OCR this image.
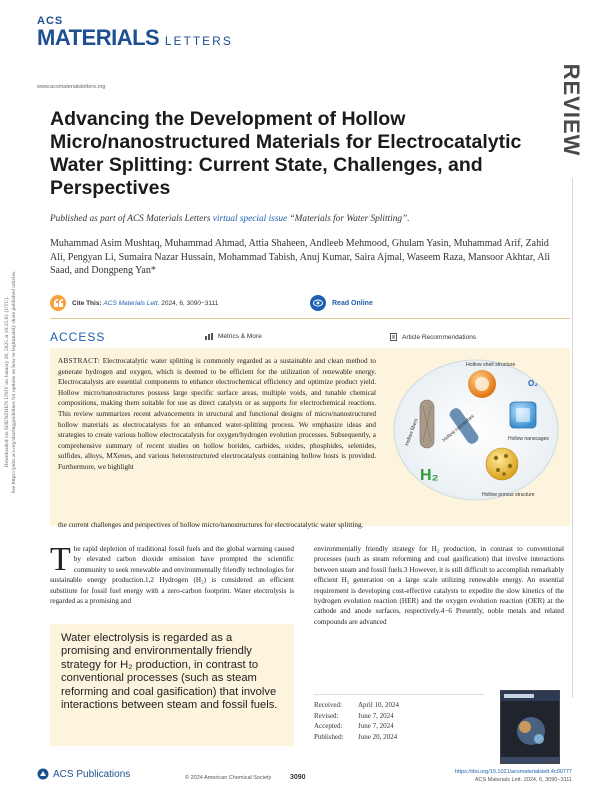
ACS
MATERIALS LETTERS
www.acsmaterialsletters.org	REVIEW
Downloaded via SHENZHEN UNIV on January 26, 2025 at 10:25:01 (UTC). See https://pubs.acs.org/sharingguidelines for options on how to legitimately share published articles.
Advancing the Development of Hollow Micro/nanostructured Materials for Electrocatalytic Water Splitting: Current State, Challenges, and Perspectives
Published as part of ACS Materials Letters virtual special issue “Materials for Water Splitting”.
Muhammad Asim Mushtaq, Muhammad Ahmad, Attia Shaheen, Andleeb Mehmood, Ghulam Yasin, Muhammad Arif, Zahid Ali, Pengyan Li, Sumaira Nazar Hussain, Mohammad Tabish, Anuj Kumar, Saira Ajmal, Waseem Raza, Mansoor Akhtar, Ali Saad, and Dongpeng Yan*
Cite This: ACS Materials Lett. 2024, 6, 3090−3111	Read Online
ACCESS	Metrics & More	Article Recommendations
ABSTRACT: Electrocatalytic water splitting is commonly regarded as a sustainable and clean method to generate hydrogen and oxygen, which is deemed to be efficient for the utilization of renewable energy. Electrocatalysts are essential components to enhance electrochemical efficiency and optimize product yield. Hollow micro/nanostructures possess large specific surface areas, multiple voids, and tunable chemical compositions, making them suitable for use as direct catalysts or as supports for electrochemical reactions. This review summarizes recent advancements in structural and functional designs of micro/nanostructured hollow materials as electrocatalysts for an enhanced water-splitting process. We emphasize ideas and strategies to create various hollow electrocatalysts for oxygen/hydrogen evolution processes. Subsequently, a comprehensive summary of recent studies on hollow borides, carbides, oxides, phosphides, selenides, sulfides, alloys, MXenes, and various heterostructured electrocatalysts containing hollow hosts is provided. Furthermore, we highlight
the current challenges and perspectives of hollow micro/nanostructures for electrocatalytic water splitting.
Hollow shell structure
Hollow fibers	Hollow nanotubes	Hollow nanocages
H₂
O₂
Hollow porous structure
T he rapid depletion of traditional fossil fuels and the global warming caused by elevated carbon dioxide emission have prompted the scientific community to seek renewable and environmentally friendly technologies for sustainable energy production.1,2 Hydrogen (H₂) is considered an efficient substitute for fossil fuel energy with a zero-carbon footprint. Water electrolysis is regarded as a promising and
environmentally friendly strategy for H₂ production, in contrast to conventional processes (such as steam reforming and coal gasification) that involve interactions between steam and fossil fuels.3 However, it is still difficult to accomplish remarkably efficient H₂ generation on a large scale utilizing renewable energy. An essential requirement is developing cost-effective catalysts to expedite the slow kinetics of the hydrogen evolution reaction (HER) and the oxygen evolution reaction (OER) at the cathode and anode surfaces, respectively.4−6 Presently, noble metals and related compounds are advanced
Water electrolysis is regarded as a promising and environmentally friendly strategy for H₂ production, in contrast to conventional processes (such as steam reforming and coal gasification) that involve interactions between steam and fossil fuels.	Received:	April 10, 2024
Revised:	June 7, 2024
Accepted:	June 7, 2024
Published:	June 20, 2024
ACS Publications	© 2024 American Chemical Society	3090
https://doi.org/10.1021/acsmaterialslett.4c00777
ACS Materials Lett. 2024, 6, 3090−3111
